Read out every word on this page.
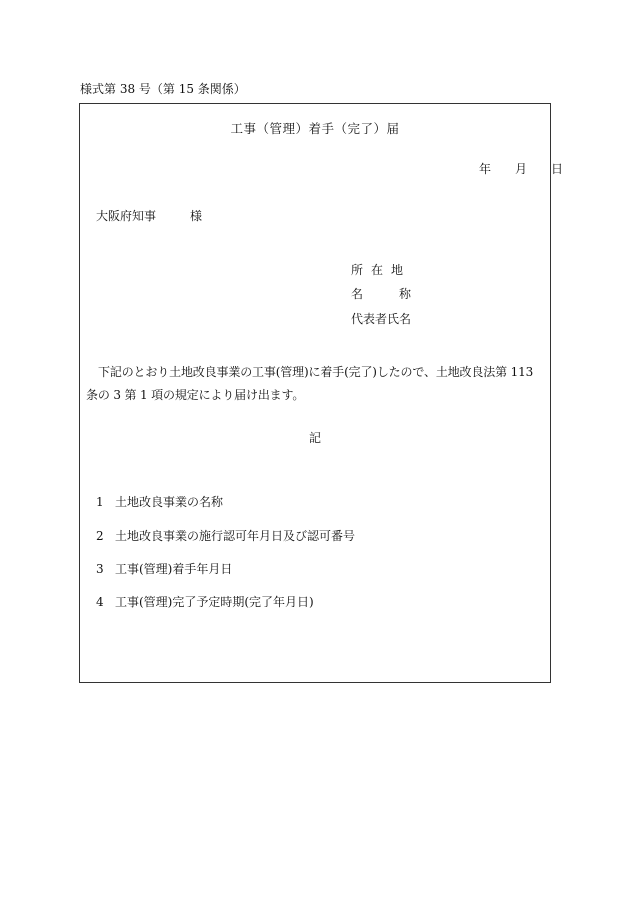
様式第 38 号（第 15 条関係）
工事（管理）着手（完了）届
年 月 日
大阪府知事	様
所在地
名称
代表者氏名
下記のとおり土地改良事業の工事(管理)に着手(完了)したので、土地改良法第 113 条の 3 第 1 項の規定により届け出ます。
記
1 土地改良事業の名称
2 土地改良事業の施行認可年月日及び認可番号
3 工事(管理)着手年月日
4 工事(管理)完了予定時期(完了年月日)
